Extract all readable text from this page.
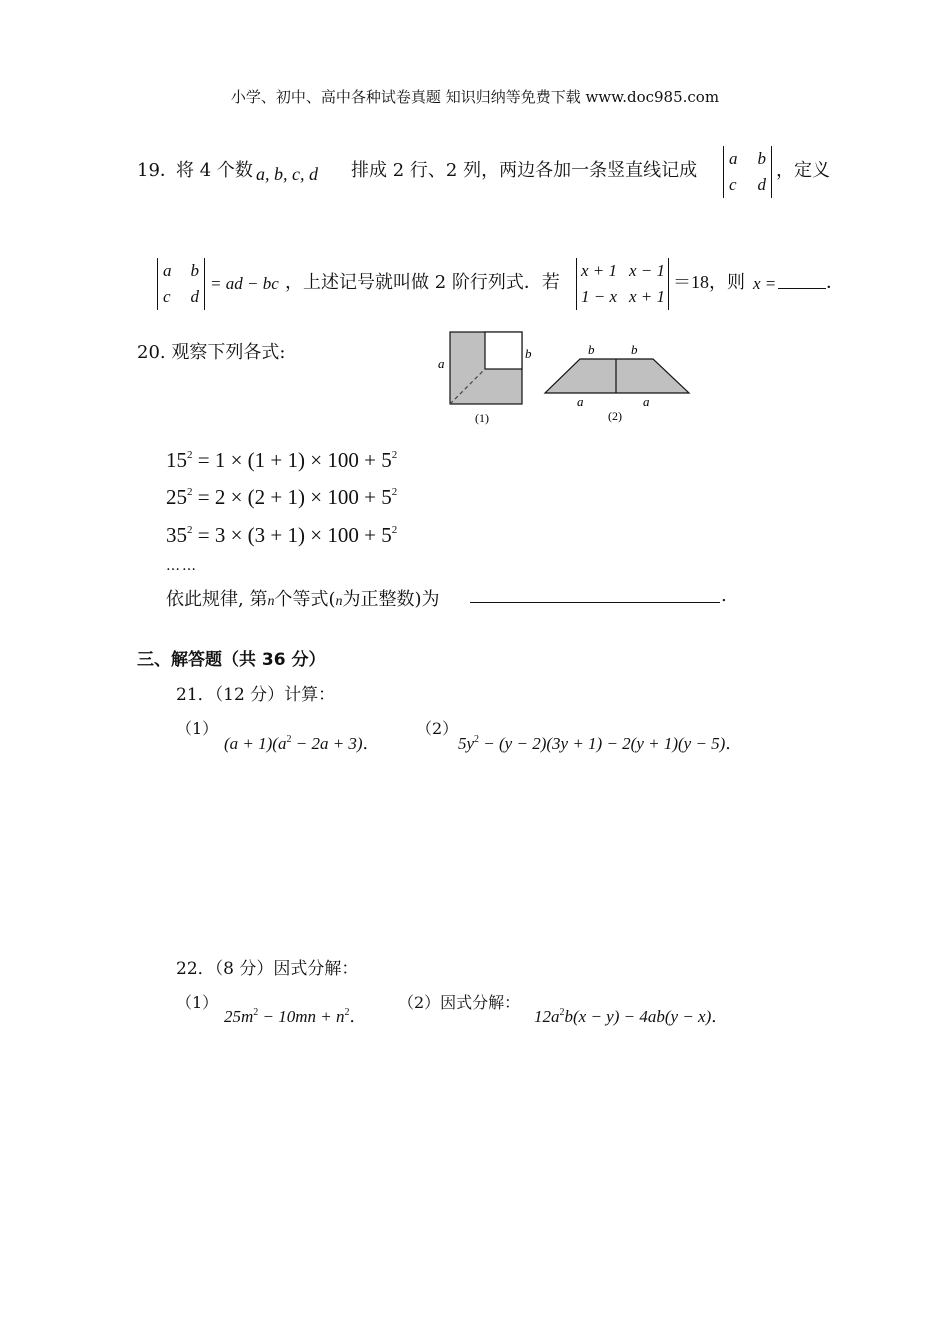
小学、初中、高中各种试卷真题 知识归纳等免费下载 www.doc985.com
19．
将 4 个数 a, b, c, d 排成 2 行、2 列，两边各加一条竖直线记成
a b
c d
，定义
a b
c d
= ad − bc ，上述记号就叫做 2 阶行列式．若
x + 1 x − 1
1 − x x + 1
＝18，则 x =	．
20. 观察下列各式:
a
b
(1)
b	b
a	a
(2)
$15^2 = 1 \times (1 + 1) \times 100 + 5^2$
$25^2 = 2 \times (2 + 1) \times 100 + 5^2$
$35^2 = 3 \times (3 + 1) \times 100 + 5^2$
……
依此规律, 第n个等式(n为正整数)为	.
三、解答题（共 36 分）
21．（12 分）计算：
（1）
$(a + 1)(a^2 - 2a + 3)$．
（2）
$5y^2 - (y - 2)(3y + 1) - 2(y + 1)(y - 5)$．
22．（8 分）因式分解：
（1）
$25m^2 - 10mn + n^2$．
（2）因式分解：
$12a^2b(x - y) - 4ab(y - x)$．
